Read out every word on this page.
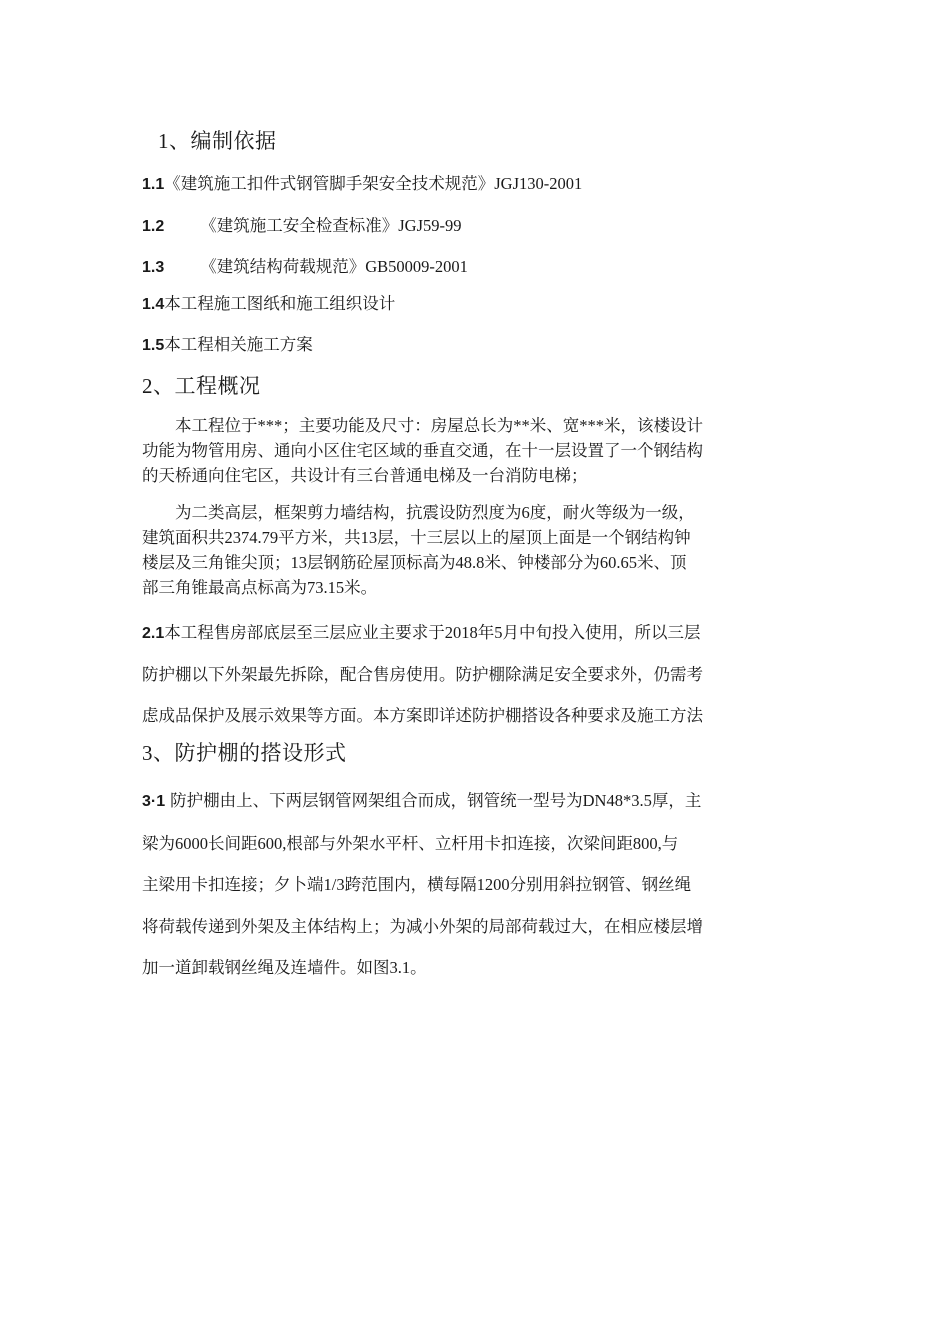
1、编制依据
1.1《建筑施工扣件式钢管脚手架安全技术规范》JGJ130-2001
1.2 《建筑施工安全检查标准》JGJ59-99
1.3 《建筑结构荷载规范》GB50009-2001
1.4本工程施工图纸和施工组织设计
1.5本工程相关施工方案
2、工程概况
本工程位于***；主要功能及尺寸：房屋总长为**米、宽***米，该楼设计
功能为物管用房、通向小区住宅区域的垂直交通，在十一层设置了一个钢结构
的天桥通向住宅区，共设计有三台普通电梯及一台消防电梯；
为二类高层，框架剪力墙结构，抗震设防烈度为6度，耐火等级为一级，
建筑面积共2374.79平方米，共13层，十三层以上的屋顶上面是一个钢结构钟
楼层及三角锥尖顶；13层钢筋砼屋顶标高为48.8米、钟楼部分为60.65米、顶
部三角锥最高点标高为73.15米。
2.1本工程售房部底层至三层应业主要求于2018年5月中旬投入使用，所以三层
防护棚以下外架最先拆除，配合售房使用。防护棚除满足安全要求外，仍需考
虑成品保护及展示效果等方面。本方案即详述防护棚搭设各种要求及施工方法
3、防护棚的搭设形式
3·1 防护棚由上、下两层钢管网架组合而成，钢管统一型号为DN48*3.5厚，主
梁为6000长间距600,根部与外架水平杆、立杆用卡扣连接，次梁间距800,与
主梁用卡扣连接；夕卜端1/3跨范围内，横每隔1200分别用斜拉钢管、钢丝绳
将荷载传递到外架及主体结构上；为减小外架的局部荷载过大，在相应楼层增
加一道卸载钢丝绳及连墙件。如图3.1。
